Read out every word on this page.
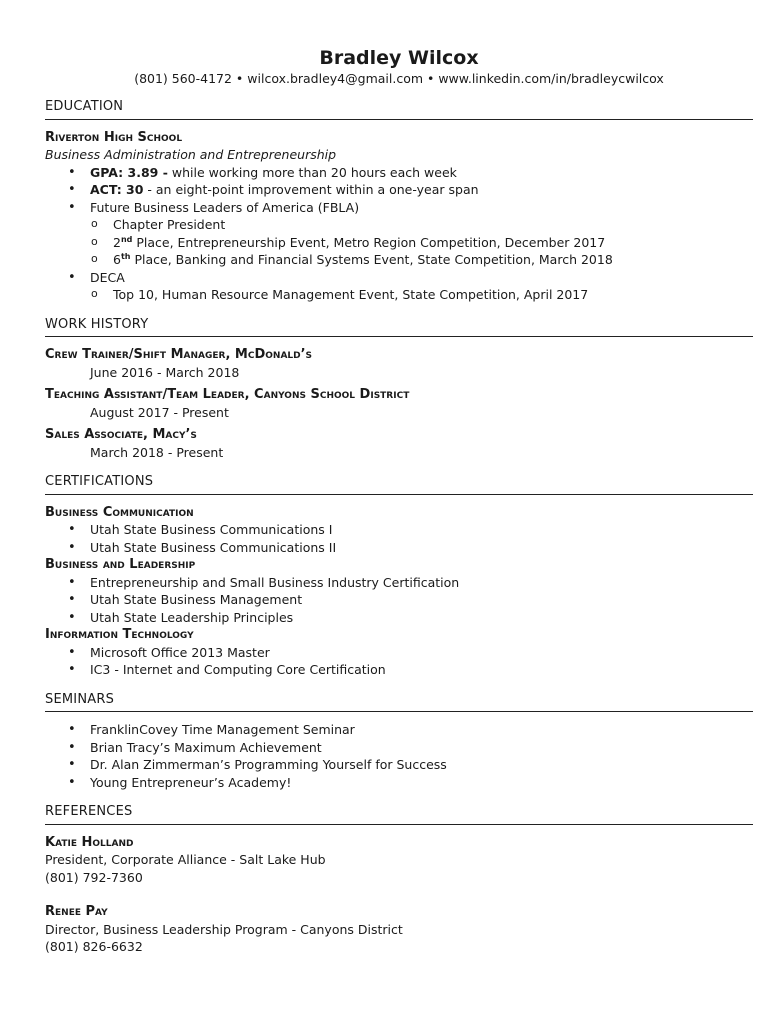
Bradley Wilcox
(801) 560-4172 • wilcox.bradley4@gmail.com • www.linkedin.com/in/bradleycwilcox
EDUCATION
Riverton High School
Business Administration and Entrepreneurship
• GPA: 3.89 - while working more than 20 hours each week
• ACT: 30 - an eight-point improvement within a one-year span
• Future Business Leaders of America (FBLA)
o Chapter President
o 2nd Place, Entrepreneurship Event, Metro Region Competition, December 2017
o 6th Place, Banking and Financial Systems Event, State Competition, March 2018
• DECA
o Top 10, Human Resource Management Event, State Competition, April 2017
WORK HISTORY
Crew Trainer/Shift Manager, McDonald’s
June 2016 - March 2018
Teaching Assistant/Team Leader, Canyons School District
August 2017 - Present
Sales Associate, Macy’s
March 2018 - Present
CERTIFICATIONS
Business Communication
• Utah State Business Communications I
• Utah State Business Communications II
Business and Leadership
• Entrepreneurship and Small Business Industry Certification
• Utah State Business Management
• Utah State Leadership Principles
Information Technology
• Microsoft Office 2013 Master
• IC3 - Internet and Computing Core Certification
SEMINARS
• FranklinCovey Time Management Seminar
• Brian Tracy’s Maximum Achievement
• Dr. Alan Zimmerman’s Programming Yourself for Success
• Young Entrepreneur’s Academy!
REFERENCES
Katie Holland
President, Corporate Alliance - Salt Lake Hub
(801) 792-7360
Renee Pay
Director, Business Leadership Program - Canyons District
(801) 826-6632
